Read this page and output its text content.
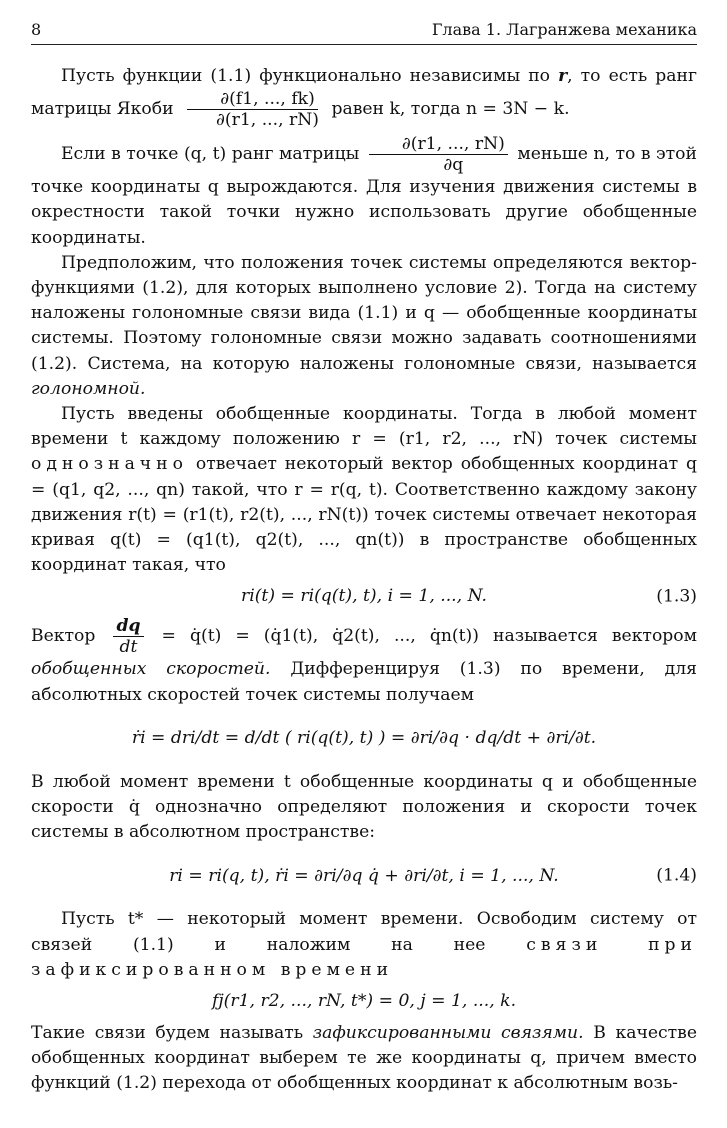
8	Глава 1. Лагранжева механика

Пусть функции (1.1) функционально независимы по r, то есть ранг матрицы Якоби $\frac{\partial(f1, ..., fk)}{\partial(r1, ..., rN)}$ равен k, тогда n = 3N − k.

Если в точке (q, t) ранг матрицы $\frac{\partial(r1, ..., rN)}{\partial q}$ меньше n, то в этой точке координаты q вырождаются. Для изучения движения системы в окрестности такой точки нужно использовать другие обобщенные координаты.

Предположим, что положения точек системы определяются вектор-функциями (1.2), для которых выполнено условие 2). Тогда на систему наложены голономные связи вида (1.1) и q — обобщенные координаты системы. Поэтому голономные связи можно задавать соотношениями (1.2). Система, на которую наложены голономные связи, называется голономной.

Пусть введены обобщенные координаты. Тогда в любой момент времени t каждому положению r = (r1, r2, ..., rN) точек системы однозначно отвечает некоторый вектор обобщенных координат q = (q1, q2, ..., qn) такой, что r = r(q, t). Соответственно каждому закону движения r(t) = (r1(t), r2(t), ..., rN(t)) точек системы отвечает некоторая кривая q(t) = (q1(t), q2(t), ..., qn(t)) в пространстве обобщенных координат такая, что

ri(t) = ri(q(t), t), i = 1, ..., N.	(1.3)

Вектор $\frac{dq}{dt}$ = q̇(t) = (q̇1(t), q̇2(t), ..., q̇n(t)) называется вектором обобщенных скоростей. Дифференцируя (1.3) по времени, для абсолютных скоростей точек системы получаем

ṙi = dri/dt = d/dt ( ri(q(t), t) ) = ∂ri/∂q · dq/dt + ∂ri/∂t.

В любой момент времени t обобщенные координаты q и обобщенные скорости q̇ однозначно определяют положения и скорости точек системы в абсолютном пространстве:

ri = ri(q, t), ṙi = ∂ri/∂q q̇ + ∂ri/∂t, i = 1, ..., N.	(1.4)

Пусть t* — некоторый момент времени. Освободим систему от связей (1.1) и наложим на нее связи при зафиксированном времени

fj(r1, r2, ..., rN, t*) = 0, j = 1, ..., k.

Такие связи будем называть зафиксированными связями. В качестве обобщенных координат выберем те же координаты q, причем вместо функций (1.2) перехода от обобщенных координат к абсолютным возь-
